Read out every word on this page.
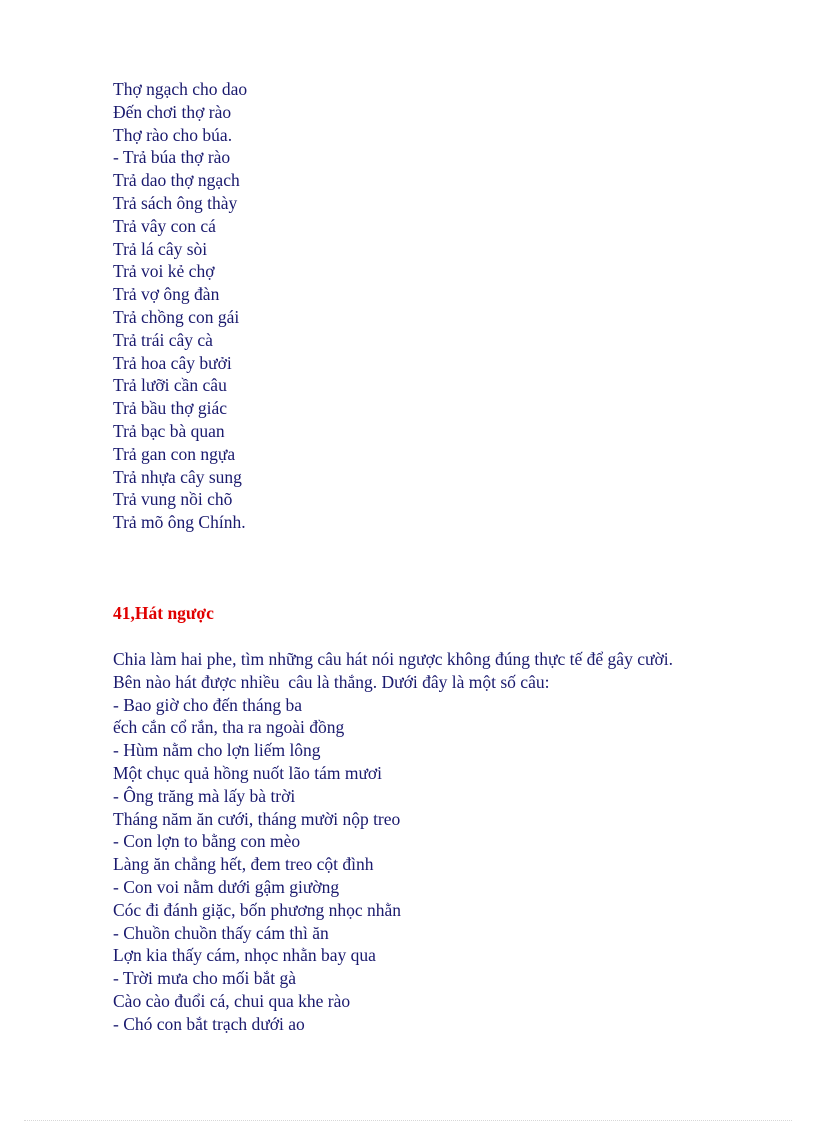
Thợ ngạch cho dao
Đến chơi thợ rào
Thợ rào cho búa.
- Trả búa thợ rào
Trả dao thợ ngạch
Trả sách ông thày
Trả vây con cá
Trả lá cây sòi
Trả voi kẻ chợ
Trả vợ ông đàn
Trả chồng con gái
Trả trái cây cà
Trả hoa cây bưởi
Trả lưỡi cần câu
Trả bầu thợ giác
Trả bạc bà quan
Trả gan con ngựa
Trả nhựa cây sung
Trả vung nồi chõ
Trả mõ ông Chính.
41,Hát ngược
Chia làm hai phe, tìm những câu hát nói ngược không đúng thực tế để gây cười.
Bên nào hát được nhiều  câu là thắng. Dưới đây là một số câu:
- Bao giờ cho đến tháng ba
ếch cắn cổ rắn, tha ra ngoài đồng
- Hùm nằm cho lợn liếm lông
Một chục quả hồng nuốt lão tám mươi
- Ông trăng mà lấy bà trời
Tháng năm ăn cưới, tháng mười nộp treo
- Con lợn to bằng con mèo
Làng ăn chẳng hết, đem treo cột đình
- Con voi nằm dưới gậm giường
Cóc đi đánh giặc, bốn phương nhọc nhằn
- Chuồn chuồn thấy cám thì ăn
Lợn kia thấy cám, nhọc nhằn bay qua
- Trời mưa cho mối bắt gà
Cào cào đuổi cá, chui qua khe rào
- Chó con bắt trạch dưới ao
